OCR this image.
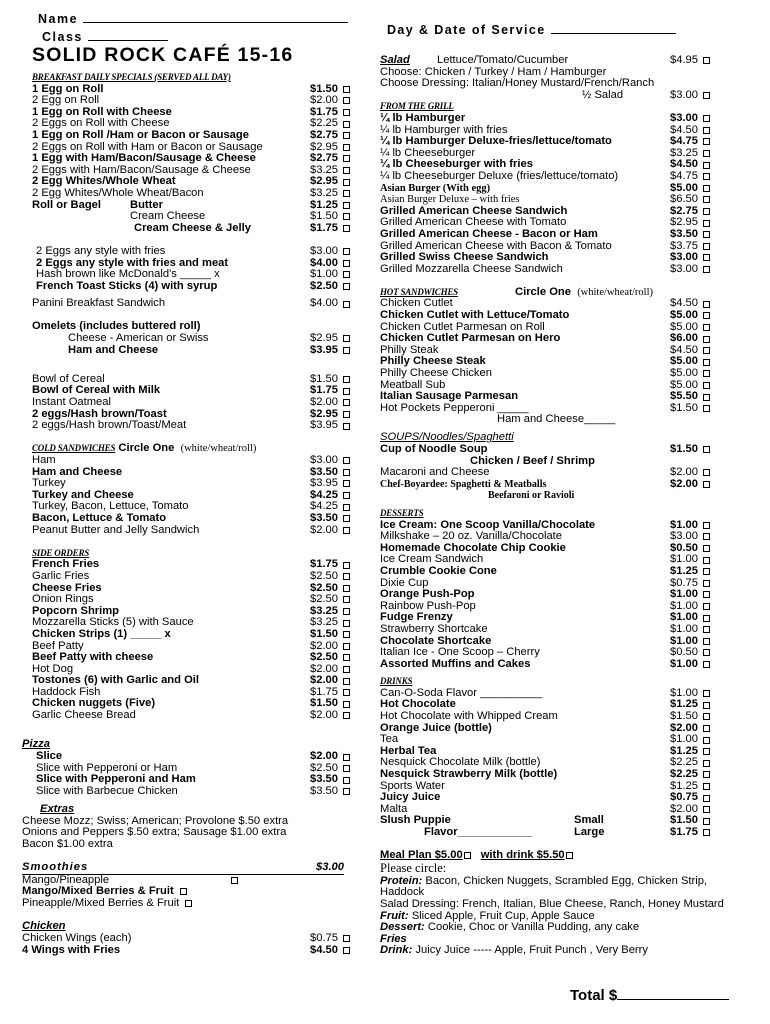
Name
Class
SOLID ROCK CAFÉ 15-16
Day & Date of Service
BREAKFAST DAILY SPECIALS (SERVED ALL DAY)
1 Egg on Roll	$1.50
2 Egg on Roll	$2.00
1 Egg on Roll with Cheese	$1.75
2 Eggs on Roll with Cheese	$2.25
1 Egg on Roll /Ham or Bacon or Sausage	$2.75
2 Eggs on Roll with Ham or Bacon or Sausage	$2.95
1 Egg with Ham/Bacon/Sausage & Cheese	$2.75
2 Eggs with Ham/Bacon/Sausage & Cheese	$3.25
2 Egg Whites/Whole Wheat	$2.95
2 Egg Whites/Whole Wheat/Bacon	$3.25
Roll or Bagel	Butter	$1.25
Cream Cheese	$1.50
Cream Cheese & Jelly	$1.75
2 Eggs any style with fries	$3.00
2 Eggs any style with fries and meat	$4.00
Hash brown like McDonald's _____ x	$1.00
French Toast Sticks (4) with syrup	$2.50
Panini Breakfast Sandwich	$4.00
Omelets (includes buttered roll)
Cheese - American or Swiss	$2.95
Ham and Cheese	$3.95
Bowl of Cereal	$1.50
Bowl of Cereal with Milk	$1.75
Instant Oatmeal	$2.00
2 eggs/Hash brown/Toast	$2.95
2 eggs/Hash brown/Toast/Meat	$3.95
COLD SANDWICHES
Circle One
(white/wheat/roll)
Ham	$3.00
Ham and Cheese	$3.50
Turkey	$3.95
Turkey and Cheese	$4.25
Turkey, Bacon, Lettuce, Tomato	$4.25
Bacon, Lettuce & Tomato	$3.50
Peanut Butter and Jelly Sandwich	$2.00
SIDE ORDERS
French Fries	$1.75
Garlic Fries	$2.50
Cheese Fries	$2.50
Onion Rings	$2.50
Popcorn Shrimp	$3.25
Mozzarella Sticks (5) with Sauce	$3.25
Chicken Strips (1) _____ x	$1.50
Beef Patty	$2.00
Beef Patty with cheese	$2.50
Hot Dog	$2.00
Tostones (6) with Garlic and Oil	$2.00
Haddock Fish	$1.75
Chicken nuggets (Five)	$1.50
Garlic Cheese Bread	$2.00
Pizza
Slice	$2.00
Slice with Pepperoni or Ham	$2.50
Slice with Pepperoni and Ham	$3.50
Slice with Barbecue Chicken	$3.50
Extras
Cheese Mozz; Swiss; American; Provolone $.50 extra
Onions and Peppers $.50 extra; Sausage $1.00 extra
Bacon $1.00 extra
Smoothies	$3.00
Mango/Pineapple
Mango/Mixed Berries & Fruit
Pineapple/Mixed Berries & Fruit
Chicken
Chicken Wings (each)	$0.75
4 Wings with Fries	$4.50
Salad	Lettuce/Tomato/Cucumber	$4.95
Choose: Chicken / Turkey / Ham / Hamburger
Choose Dressing: Italian/Honey Mustard/French/Ranch
½ Salad	$3.00
FROM THE GRILL
¼ lb Hamburger	$3.00
¼ lb Hamburger with fries	$4.50
¼ lb Hamburger Deluxe-fries/lettuce/tomato	$4.75
¼ lb Cheeseburger	$3.25
¼ lb Cheeseburger with fries	$4.50
¼ lb Cheeseburger Deluxe (fries/lettuce/tomato)	$4.75
Asian Burger (With egg)	$5.00
Asian Burger Deluxe – with fries	$6.50
Grilled American Cheese Sandwich	$2.75
Grilled American Cheese with Tomato	$2.95
Grilled American Cheese - Bacon or Ham	$3.50
Grilled American Cheese with Bacon & Tomato	$3.75
Grilled Swiss Cheese Sandwich	$3.00
Grilled Mozzarella Cheese Sandwich	$3.00
HOT SANDWICHES	Circle One
(white/wheat/roll)
Chicken Cutlet	$4.50
Chicken Cutlet with Lettuce/Tomato	$5.00
Chicken Cutlet Parmesan on Roll	$5.00
Chicken Cutlet Parmesan on Hero	$6.00
Philly Steak	$4.50
Philly Cheese Steak	$5.00
Philly Cheese Chicken	$5.00
Meatball Sub	$5.00
Italian Sausage Parmesan	$5.50
Hot Pockets Pepperoni _____	$1.50
Ham and Cheese_____
SOUPS/Noodles/Spaghetti
Cup of Noodle Soup	$1.50
Chicken / Beef / Shrimp
Macaroni and Cheese	$2.00
Chef-Boyardee: Spaghetti & Meatballs	$2.00
Beefaroni or Ravioli
DESSERTS
Ice Cream: One Scoop Vanilla/Chocolate	$1.00
Milkshake – 20 oz. Vanilla/Chocolate	$3.00
Homemade Chocolate Chip Cookie	$0.50
Ice Cream Sandwich	$1.00
Crumble Cookie Cone	$1.25
Dixie Cup	$0.75
Orange Push-Pop	$1.00
Rainbow Push-Pop	$1.00
Fudge Frenzy	$1.00
Strawberry Shortcake	$1.00
Chocolate Shortcake	$1.00
Italian Ice - One Scoop – Cherry	$0.50
Assorted Muffins and Cakes	$1.00
DRINKS
Can-O-Soda Flavor __________	$1.00
Hot Chocolate	$1.25
Hot Chocolate with Whipped Cream	$1.50
Orange Juice (bottle)	$2.00
Tea	$1.00
Herbal Tea	$1.25
Nesquick Chocolate Milk (bottle)	$2.25
Nesquick Strawberry Milk (bottle)	$2.25
Sports Water	$1.25
Juicy Juice	$0.75
Malta	$2.00
Slush Puppie	Small	$1.50
Flavor____________	Large	$1.75
Meal Plan $5.00 with drink $5.50
Please circle:
Protein: Bacon, Chicken Nuggets, Scrambled Egg, Chicken Strip, Haddock
Salad Dressing: French, Italian, Blue Cheese, Ranch, Honey Mustard
Fruit: Sliced Apple, Fruit Cup, Apple Sauce
Dessert: Cookie, Choc or Vanilla Pudding, any cake
Fries
Drink: Juicy Juice ----- Apple, Fruit Punch , Very Berry
Total $
